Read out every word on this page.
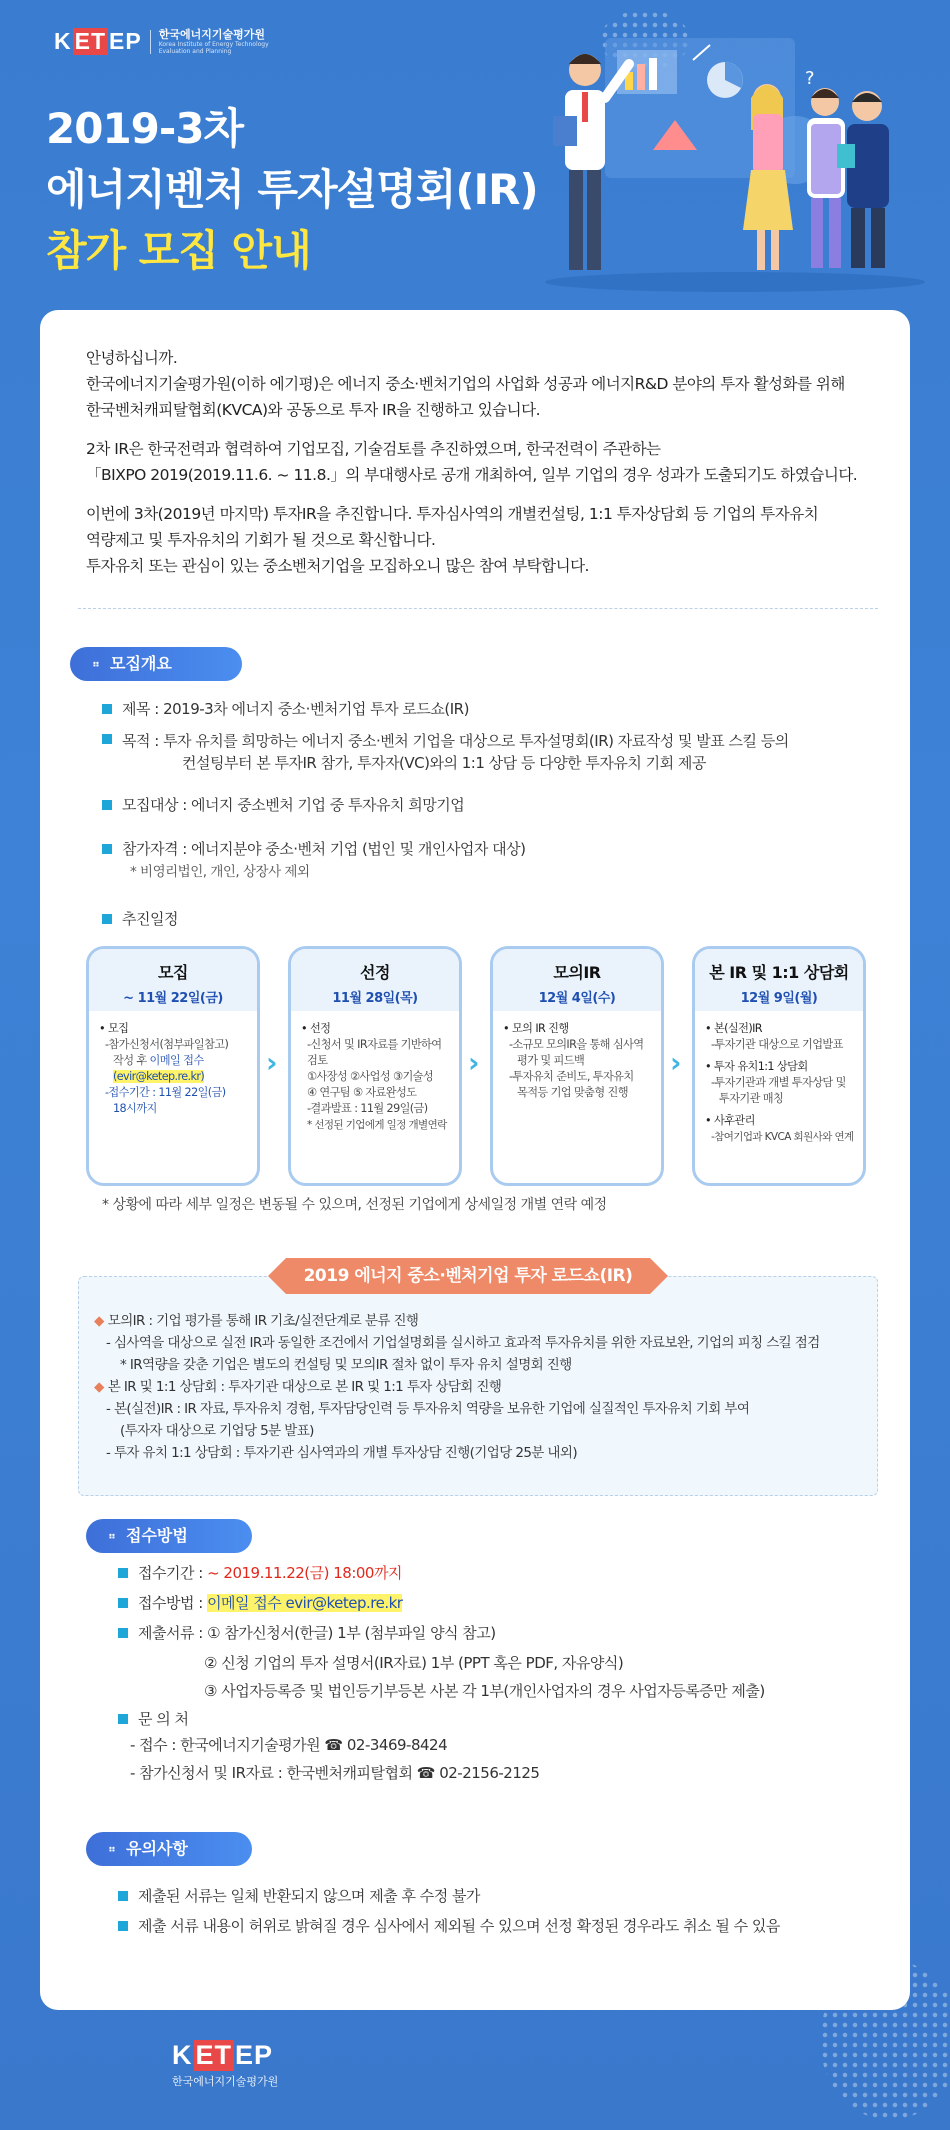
K ET EP 한국에너지기술평가원
Korea Institute of Energy Technology
Evaluation and Planning
2019-3차
에너지벤처 투자설명회(IR)
참가 모집 안내
?

안녕하십니까.
한국에너지기술평가원(이하 에기평)은 에너지 중소·벤처기업의 사업화 성공과 에너지R&D 분야의 투자 활성화를 위해
한국벤처캐피탈협회(KVCA)와 공동으로 투자 IR을 진행하고 있습니다.

2차 IR은 한국전력과 협력하여 기업모집, 기술검토를 추진하였으며, 한국전력이 주관하는
「BIXPO 2019(2019.11.6. ~ 11.8.」의 부대행사로 공개 개최하여, 일부 기업의 경우 성과가 도출되기도 하였습니다.

이번에 3차(2019년 마지막) 투자IR을 추진합니다. 투자심사역의 개별컨설팅, 1:1 투자상담회 등 기업의 투자유치
역량제고 및 투자유치의 기회가 될 것으로 확신합니다.
투자유치 또는 관심이 있는 중소벤처기업을 모집하오니 많은 참여 부탁합니다.

⠶ 모집개요
제목 : 2019-3차 에너지 중소·벤처기업 투자 로드쇼(IR)
목적 : 투자 유치를 희망하는 에너지 중소·벤처 기업을 대상으로 투자설명회(IR) 자료작성 및 발표 스킬 등의
컨설팅부터 본 투자IR 참가, 투자자(VC)와의 1:1 상담 등 다양한 투자유치 기회 제공
모집대상 : 에너지 중소벤처 기업 중 투자유치 희망기업
참가자격 : 에너지분야 중소·벤처 기업 (법인 및 개인사업자 대상)
* 비영리법인, 개인, 상장사 제외
추진일정
모집
~ 11월 22일(금)
• 모집
-참가신청서(첨부파일참고)
작성 후 이메일 접수
(evir@ketep.re.kr)
-접수기간 : 11월 22일(금)
18시까지
›
선정
11월 28일(목)
• 선정
-신청서 및 IR자료를 기반하여
검토
①사장성 ②사업성 ③기술성
④ 연구팀 ⑤ 자료완성도
-결과발표 : 11월 29일(금)
* 선정된 기업에게 일정 개별연락
›
모의IR
12월 4일(수)
• 모의 IR 진행
-소규모 모의IR을 통해 심사역
평가 및 피드백
-투자유치 준비도, 투자유치
목적등 기업 맞춤형 진행
›
본 IR 및 1:1 상담회
12월 9일(월)
• 본(실전)IR
-투자기관 대상으로 기업발표
• 투자 유치1:1 상담회
-투자기관과 개별 투자상담 및
투자기관 매칭
• 사후관리
-참여기업과 KVCA 회원사와 연계
* 상황에 따라 세부 일정은 변동될 수 있으며, 선정된 기업에게 상세일정 개별 연락 예정
2019 에너지 중소·벤처기업 투자 로드쇼(IR)
◆ 모의IR : 기업 평가를 통해 IR 기초/실전단계로 분류 진행
- 심사역을 대상으로 실전 IR과 동일한 조건에서 기업설명회를 실시하고 효과적 투자유치를 위한 자료보완, 기업의 피칭 스킬 점검
* IR역량을 갖춘 기업은 별도의 컨설팅 및 모의IR 절차 없이 투자 유치 설명회 진행
◆ 본 IR 및 1:1 상담회 : 투자기관 대상으로 본 IR 및 1:1 투자 상담회 진행
- 본(실전)IR : IR 자료, 투자유치 경험, 투자담당인력 등 투자유치 역량을 보유한 기업에 실질적인 투자유치 기회 부여
(투자자 대상으로 기업당 5분 발표)
- 투자 유치 1:1 상담회 : 투자기관 심사역과의 개별 투자상담 진행(기업당 25분 내외)
⠶ 접수방법
접수기간 : ~ 2019.11.22(금) 18:00까지
접수방법 : 이메일 접수 evir@ketep.re.kr
제출서류 : ① 참가신청서(한글) 1부 (첨부파일 양식 참고)
② 신청 기업의 투자 설명서(IR자료) 1부 (PPT 혹은 PDF, 자유양식)
③ 사업자등록증 및 법인등기부등본 사본 각 1부(개인사업자의 경우 사업자등록증만 제출)
문 의 처
- 접수 : 한국에너지기술평가원 ☎ 02-3469-8424
- 참가신청서 및 IR자료 : 한국벤처캐피탈협회 ☎ 02-2156-2125
⠶ 유의사항
제출된 서류는 일체 반환되지 않으며 제출 후 수정 불가
제출 서류 내용이 허위로 밝혀질 경우 심사에서 제외될 수 있으며 선정 확정된 경우라도 취소 될 수 있음
K ET EP
한국에너지기술평가원
